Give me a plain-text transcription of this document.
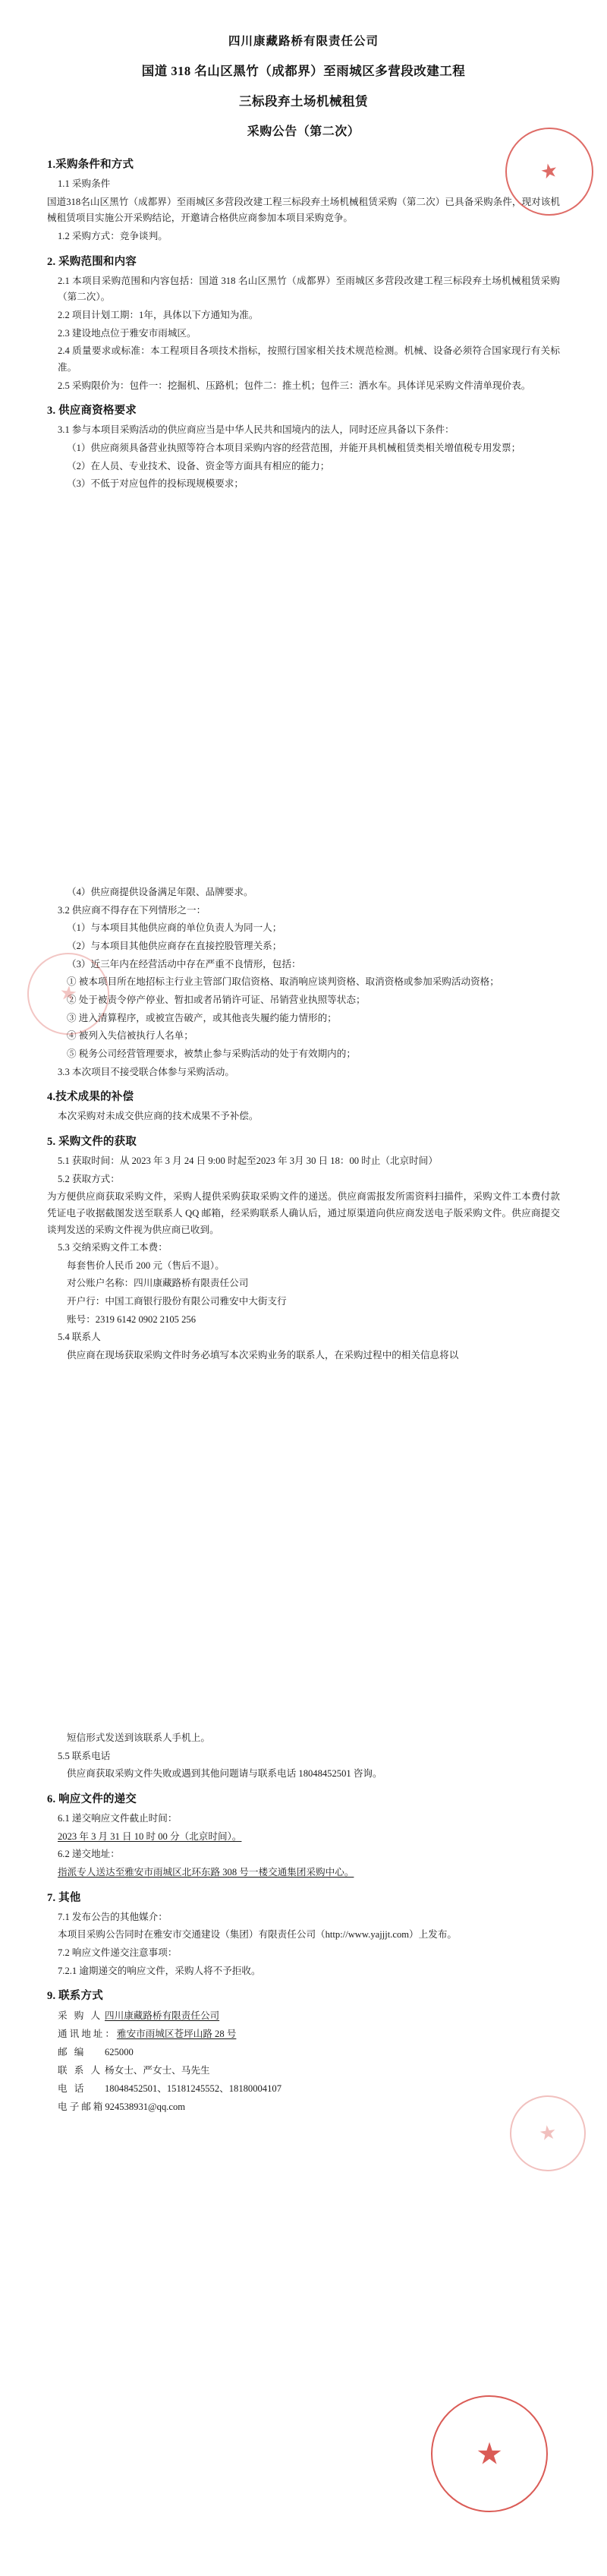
★
四川康藏路桥有限责任公司
国道 318 名山区黑竹（成都界）至雨城区多营段改建工程
三标段弃土场机械租赁
采购公告（第二次）
1.采购条件和方式
1.1 采购条件
国道318名山区黑竹（成都界）至雨城区多营段改建工程三标段弃土场机械租赁采购（第二次）已具备采购条件，现对该机械租赁项目实施公开采购结论，开邀请合格供应商参加本项目采购竞争。
1.2 采购方式：竞争谈判。
2. 采购范围和内容
2.1 本项目采购范围和内容包括：国道 318 名山区黑竹（成都界）至雨城区多营段改建工程三标段弃土场机械租赁采购（第二次）。
2.2 项目计划工期：1年，具体以下方通知为准。
2.3 建设地点位于雅安市雨城区。
2.4 质量要求或标准：本工程项目各项技术指标，按照行国家相关技术规范检测。机械、设备必须符合国家现行有关标准。
2.5 采购限价为：包件一：挖掘机、压路机；包件二：推土机；包件三：洒水车。具体详见采购文件清单现价表。
3. 供应商资格要求
3.1 参与本项目采购活动的供应商应当是中华人民共和国境内的法人，同时还应具备以下条件：
（1）供应商须具备营业执照等符合本项目采购内容的经营范围，并能开具机械租赁类相关增值税专用发票；
（2）在人员、专业技术、设备、资金等方面具有相应的能力；
（3）不低于对应包件的投标现规模要求；
★
（4）供应商提供设备满足年限、品牌要求。
3.2 供应商不得存在下列情形之一：
（1）与本项目其他供应商的单位负责人为同一人；
（2）与本项目其他供应商存在直接控股管理关系；
（3）近三年内在经营活动中存在严重不良情形，包括：
① 被本项目所在地招标主行业主管部门取信资格、取消响应谈判资格、取消资格或参加采购活动资格；
② 处于被责令停产停业、暂扣或者吊销许可证、吊销营业执照等状态；
③ 进入清算程序，或被宣告破产，或其他丧失履约能力情形的；
④ 被列入失信被执行人名单；
⑤ 税务公司经营管理要求，被禁止参与采购活动的处于有效期内的；
3.3 本次项目不接受联合体参与采购活动。
4.技术成果的补偿
本次采购对未成交供应商的技术成果不予补偿。
5. 采购文件的获取
5.1 获取时间：从 2023 年 3 月 24 日 9:00 时起至2023 年 3月 30 日 18：00 时止（北京时间）
5.2 获取方式：
为方便供应商获取采购文件，采购人提供采购获取采购文件的递送。供应商需报发所需资料扫描件，采购文件工本费付款凭证电子收据截图发送至联系人 QQ 邮箱，经采购联系人确认后，通过原渠道向供应商发送电子版采购文件。供应商提交谈判发送的采购文件视为供应商已收到。
5.3 交纳采购文件工本费：
每套售价人民币 200 元（售后不退）。
对公账户名称：四川康藏路桥有限责任公司
开户行：中国工商银行股份有限公司雅安中大街支行
账号：2319 6142 0902 2105 256
5.4 联系人
供应商在现场获取采购文件时务必填写本次采购业务的联系人，在采购过程中的相关信息将以
★
★
短信形式发送到该联系人手机上。
5.5 联系电话
供应商获取采购文件失败或遇到其他问题请与联系电话 18048452501 咨询。
6. 响应文件的递交
6.1 递交响应文件截止时间：
2023 年 3 月 31 日 10 时 00 分（北京时间）。
6.2 递交地址：
指派专人送达至雅安市雨城区北环东路 308 号一楼交通集团采购中心。
7. 其他
7.1 发布公告的其他媒介：
本项目采购公告同时在雅安市交通建设（集团）有限责任公司（http://www.yajjjt.com）上发布。
7.2 响应文件递交注意事项：
7.2.1 逾期递交的响应文件，采购人将不予拒收。
9. 联系方式
采 购 人 四川康藏路桥有限责任公司
通讯地址： 雅安市雨城区苍坪山路 28 号
邮 编	625000
联 系 人 杨女士、严女士、马先生
电 话	18048452501、15181245552、18180004107
电子邮箱 924538931@qq.com
